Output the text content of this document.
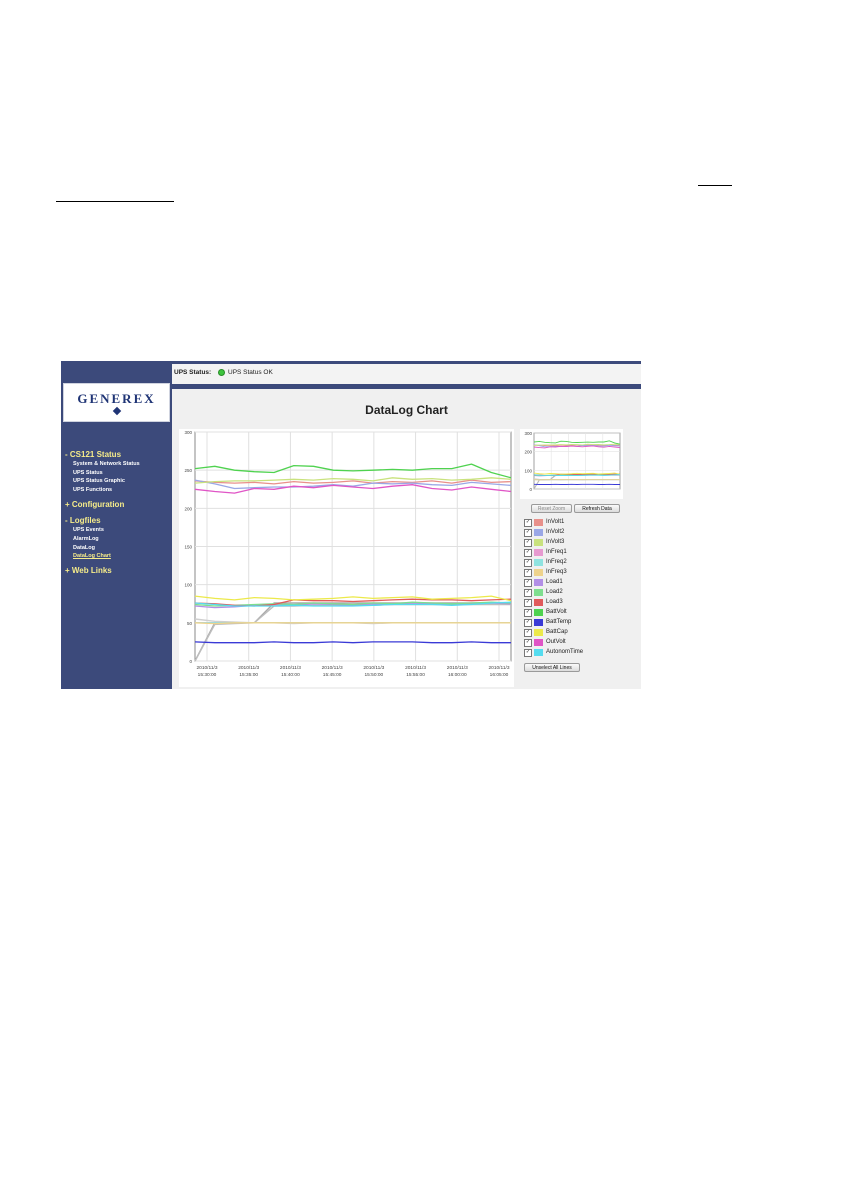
GENEREX
- CS121 Status
System & Network Status
UPS Status
UPS Status Graphic
UPS Functions
+ Configuration
- Logfiles
UPS Events
AlarmLog
DataLog
DataLog Chart
+ Web Links
UPS Status:	UPS Status OK
DataLog Chart
300
250
200
150
100
50
0
2010/11/3
15:30:00
2010/11/3
15:35:00
2010/11/3
15:40:00
2010/11/3
15:45:00
2010/11/3
15:50:00
2010/11/3
15:55:00
2010/11/3
16:00:00
2010/11/3
16:05:00
300
200
100
0
Reset Zoom	Refresh Data
✓	InVolt1
✓	InVolt2
✓	InVolt3
✓	InFreq1
✓	InFreq2
✓	InFreq3
✓	Load1
✓	Load2
✓	Load3
✓	BattVolt
✓	BattTemp
✓	BattCap
✓	OutVolt
✓	AutonomTime
Unselect All Lines
